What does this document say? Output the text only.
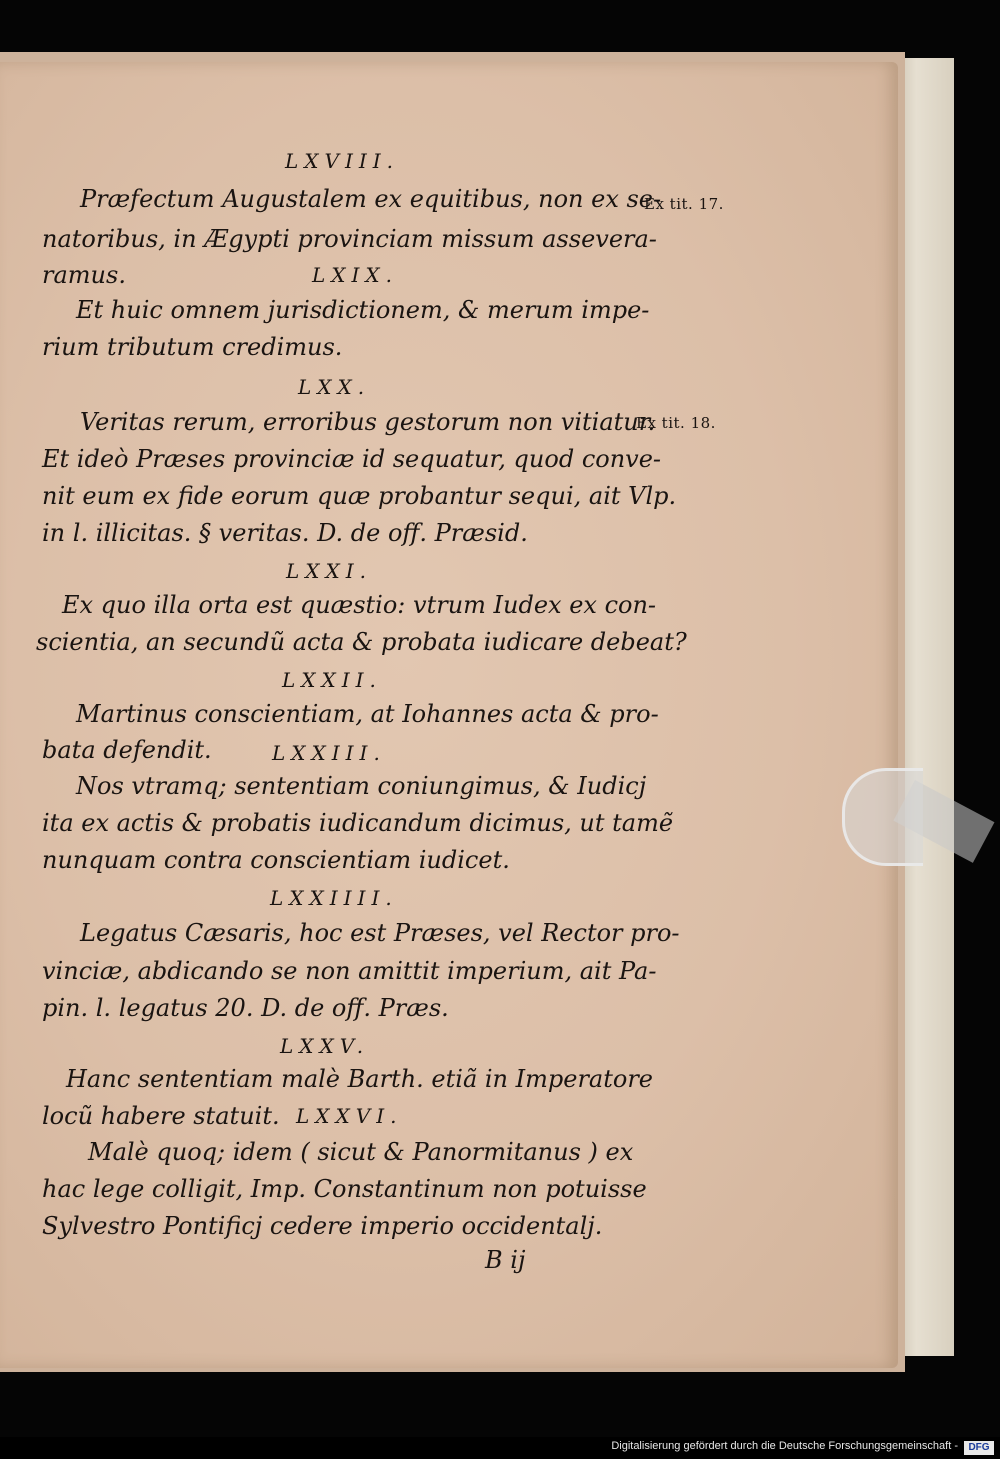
LXVIII.
Præfectum Augustalem ex equitibus, non ex se-
Ex tit. 17.
natoribus, in Ægypti provinciam missum assevera-
ramus.	LXIX.
Et huic omnem jurisdictionem, & merum impe-
rium tributum credimus.
LXX.
Veritas rerum, erroribus gestorum non vitiatur.
Ex tit. 18.
Et ideò Præses provinciæ id sequatur, quod conve-
nit eum ex fide eorum quæ probantur sequi, ait Vlp.
in l. illicitas. § veritas. D. de off. Præsid.
LXXI.
Ex quo illa orta est quæstio: vtrum Iudex ex con-
scientia, an secundũ acta & probata iudicare debeat?
LXXII.
Martinus conscientiam, at Iohannes acta & pro-
bata defendit.	LXXIII.
Nos vtramq; sententiam coniungimus, & Iudicj
ita ex actis & probatis iudicandum dicimus, ut tamẽ
nunquam contra conscientiam iudicet.
LXXIIII.
Legatus Cæsaris, hoc est Præses, vel Rector pro-
vinciæ, abdicando se non amittit imperium, ait Pa-
pin. l. legatus 20. D. de off. Præs.
LXXV.
Hanc sententiam malè Barth. etiã in Imperatore
locũ habere statuit. LXXVI.
Malè quoq; idem ( sicut & Panormitanus ) ex
hac lege colligit, Imp. Constantinum non potuisse
Sylvestro Pontificj cedere imperio occidentalj.
B ij
Digitalisierung gefördert durch die Deutsche Forschungsgemeinschaft -	DFG
